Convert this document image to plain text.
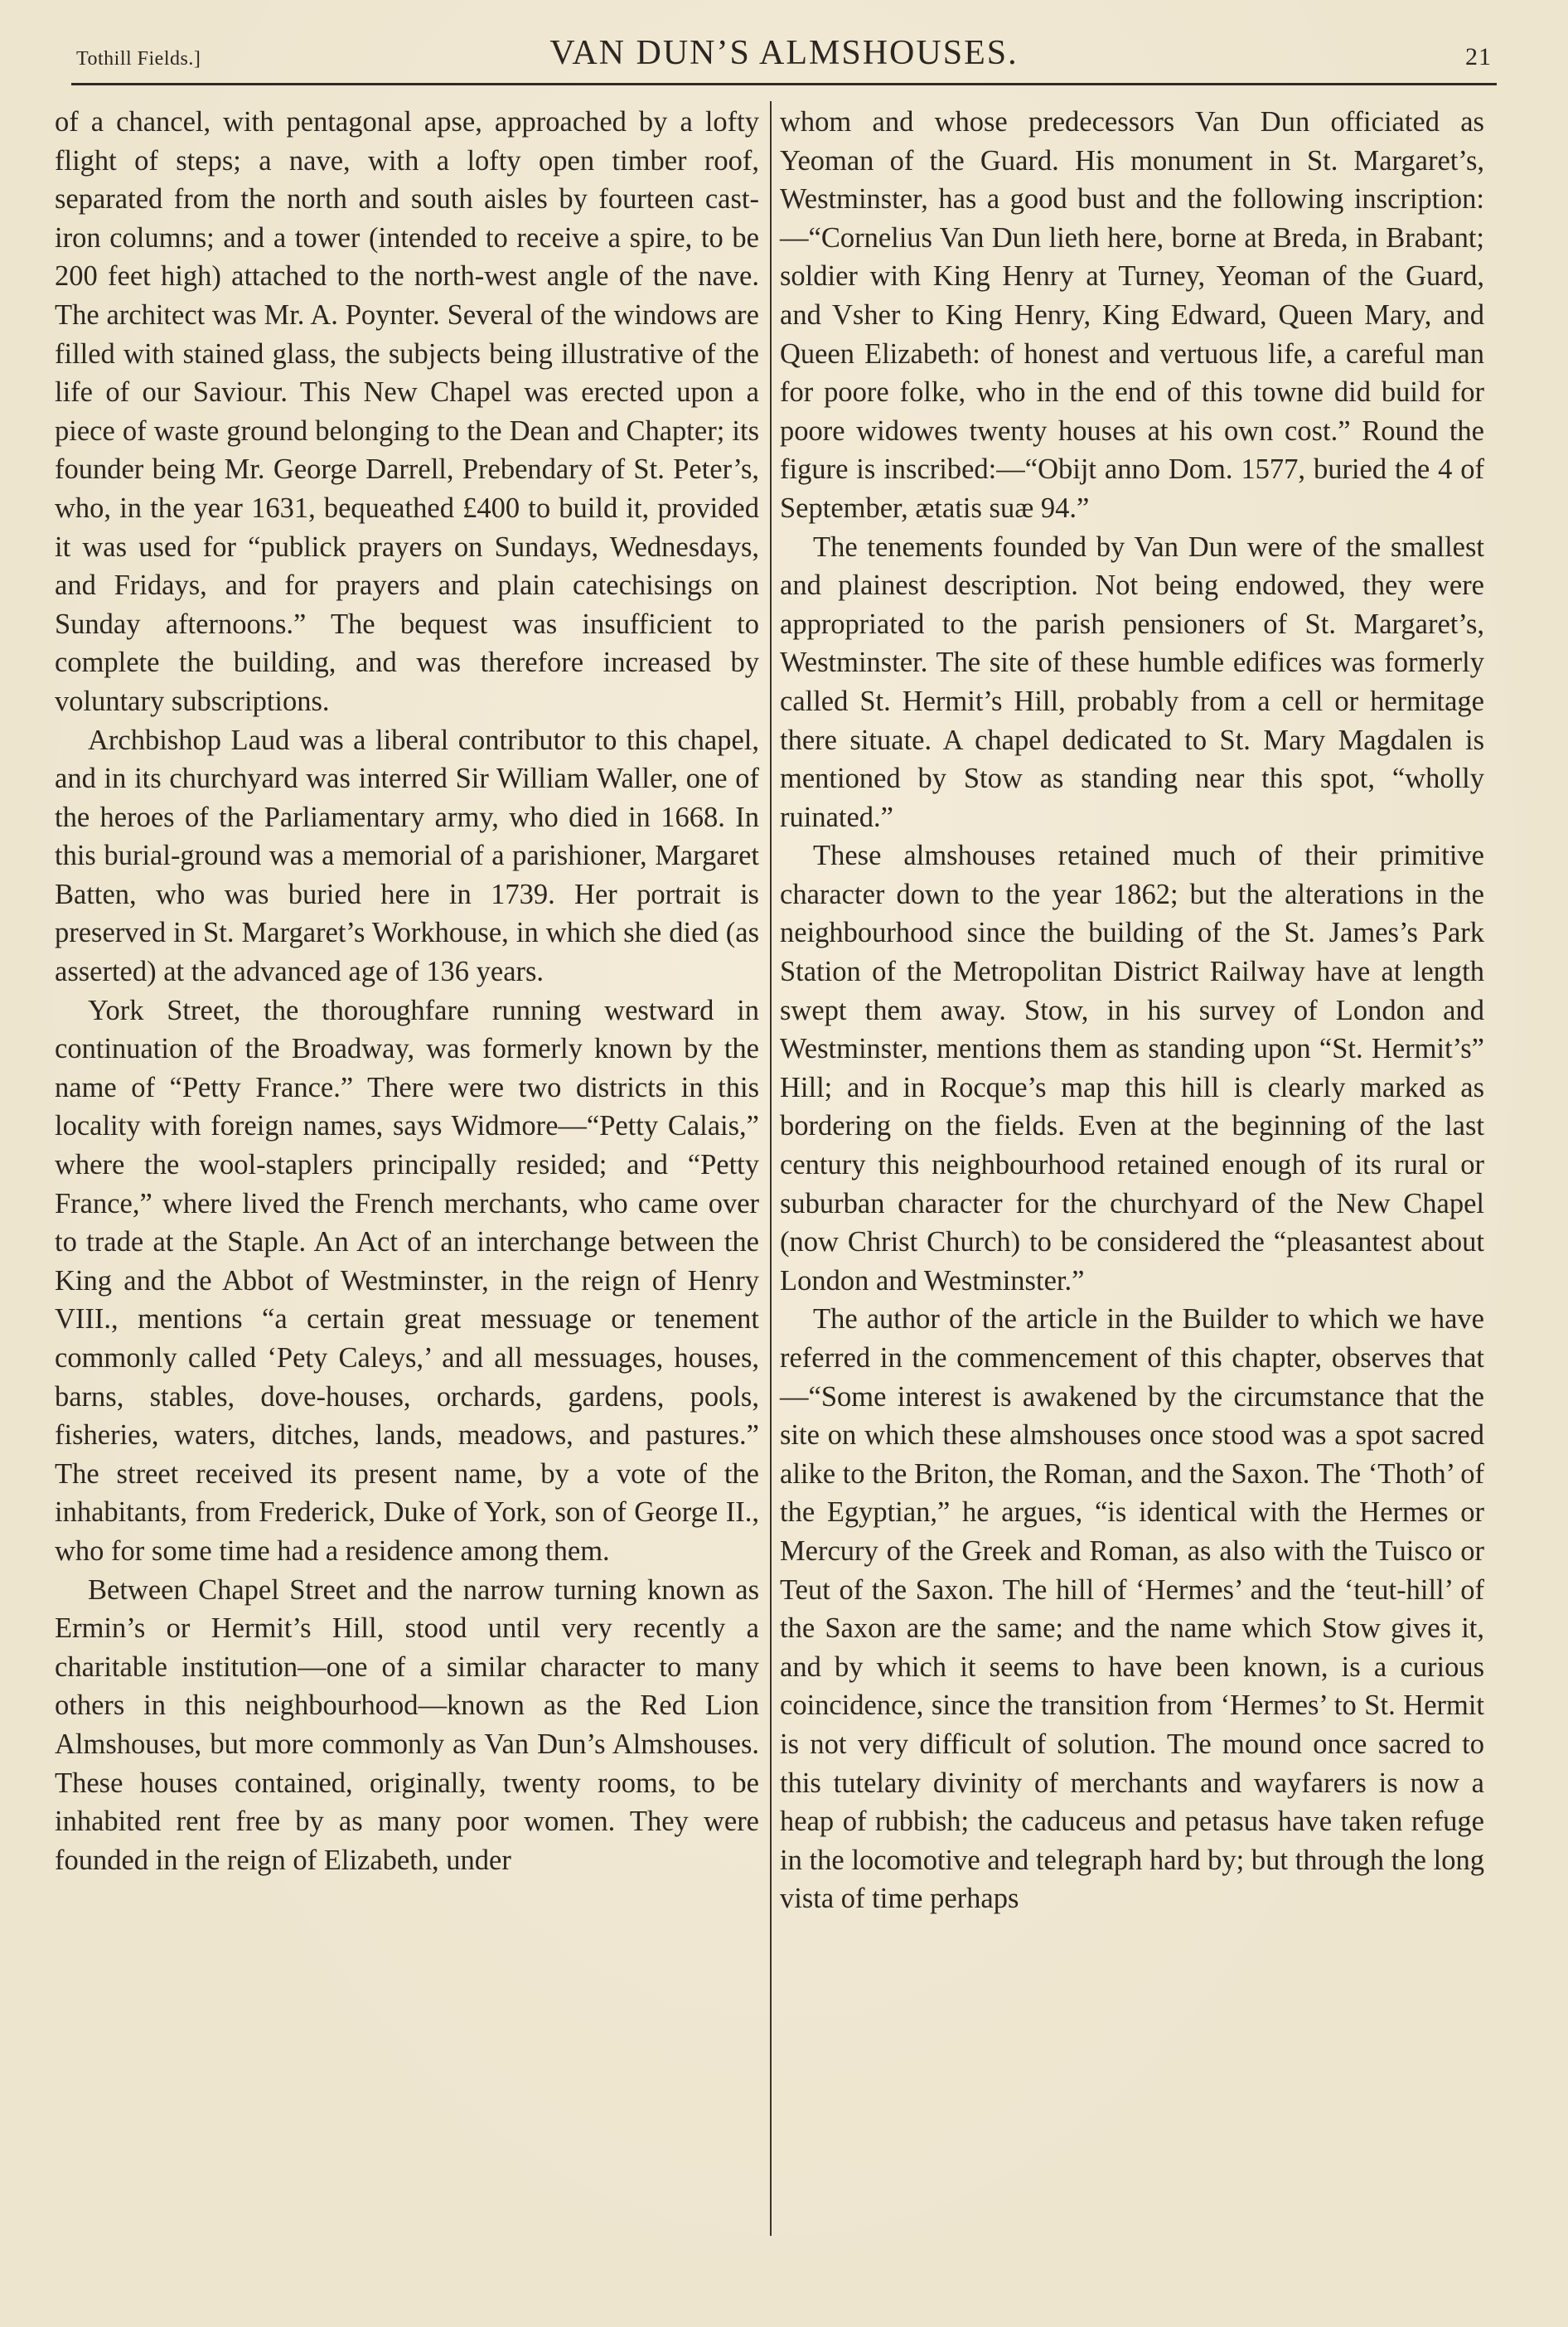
Tothill Fields.]	VAN DUN’S ALMSHOUSES.	21

of a chancel, with pentagonal apse, approached by a lofty flight of steps; a nave, with a lofty open timber roof, separated from the north and south aisles by fourteen cast-iron columns; and a tower (intended to receive a spire, to be 200 feet high) attached to the north-west angle of the nave. The architect was Mr. A. Poynter. Several of the windows are filled with stained glass, the subjects being illustrative of the life of our Saviour. This New Chapel was erected upon a piece of waste ground belonging to the Dean and Chapter; its founder being Mr. George Darrell, Prebendary of St. Peter’s, who, in the year 1631, bequeathed £400 to build it, provided it was used for “publick prayers on Sundays, Wednesdays, and Fridays, and for prayers and plain catechisings on Sunday afternoons.” The bequest was insufficient to complete the building, and was therefore increased by voluntary subscriptions.

Archbishop Laud was a liberal contributor to this chapel, and in its churchyard was interred Sir William Waller, one of the heroes of the Parliamentary army, who died in 1668. In this burial-ground was a memorial of a parishioner, Margaret Batten, who was buried here in 1739. Her portrait is preserved in St. Margaret’s Workhouse, in which she died (as asserted) at the advanced age of 136 years.

York Street, the thoroughfare running westward in continuation of the Broadway, was formerly known by the name of “Petty France.” There were two districts in this locality with foreign names, says Widmore—“Petty Calais,” where the wool-staplers principally resided; and “Petty France,” where lived the French merchants, who came over to trade at the Staple. An Act of an interchange between the King and the Abbot of Westminster, in the reign of Henry VIII., mentions “a certain great messuage or tenement commonly called ‘Pety Caleys,’ and all messuages, houses, barns, stables, dove-houses, orchards, gardens, pools, fisheries, waters, ditches, lands, meadows, and pastures.” The street received its present name, by a vote of the inhabitants, from Frederick, Duke of York, son of George II., who for some time had a residence among them.

Between Chapel Street and the narrow turning known as Ermin’s or Hermit’s Hill, stood until very recently a charitable institution—one of a similar character to many others in this neighbourhood—known as the Red Lion Almshouses, but more commonly as Van Dun’s Almshouses. These houses contained, originally, twenty rooms, to be inhabited rent free by as many poor women. They were founded in the reign of Elizabeth, under

whom and whose predecessors Van Dun officiated as Yeoman of the Guard. His monument in St. Margaret’s, Westminster, has a good bust and the following inscription:—“Cornelius Van Dun lieth here, borne at Breda, in Brabant; soldier with King Henry at Turney, Yeoman of the Guard, and Vsher to King Henry, King Edward, Queen Mary, and Queen Elizabeth: of honest and vertuous life, a careful man for poore folke, who in the end of this towne did build for poore widowes twenty houses at his own cost.” Round the figure is inscribed:—“Obijt anno Dom. 1577, buried the 4 of September, ætatis suæ 94.”

The tenements founded by Van Dun were of the smallest and plainest description. Not being endowed, they were appropriated to the parish pensioners of St. Margaret’s, Westminster. The site of these humble edifices was formerly called St. Hermit’s Hill, probably from a cell or hermitage there situate. A chapel dedicated to St. Mary Magdalen is mentioned by Stow as standing near this spot, “wholly ruinated.”

These almshouses retained much of their primitive character down to the year 1862; but the alterations in the neighbourhood since the building of the St. James’s Park Station of the Metropolitan District Railway have at length swept them away. Stow, in his survey of London and Westminster, mentions them as standing upon “St. Hermit’s” Hill; and in Rocque’s map this hill is clearly marked as bordering on the fields. Even at the beginning of the last century this neighbourhood retained enough of its rural or suburban character for the churchyard of the New Chapel (now Christ Church) to be considered the “pleasantest about London and Westminster.”

The author of the article in the Builder to which we have referred in the commencement of this chapter, observes that—“Some interest is awakened by the circumstance that the site on which these almshouses once stood was a spot sacred alike to the Briton, the Roman, and the Saxon. The ‘Thoth’ of the Egyptian,” he argues, “is identical with the Hermes or Mercury of the Greek and Roman, as also with the Tuisco or Teut of the Saxon. The hill of ‘Hermes’ and the ‘teut-hill’ of the Saxon are the same; and the name which Stow gives it, and by which it seems to have been known, is a curious coincidence, since the transition from ‘Hermes’ to St. Hermit is not very difficult of solution. The mound once sacred to this tutelary divinity of merchants and wayfarers is now a heap of rubbish; the caduceus and petasus have taken refuge in the locomotive and telegraph hard by; but through the long vista of time perhaps
